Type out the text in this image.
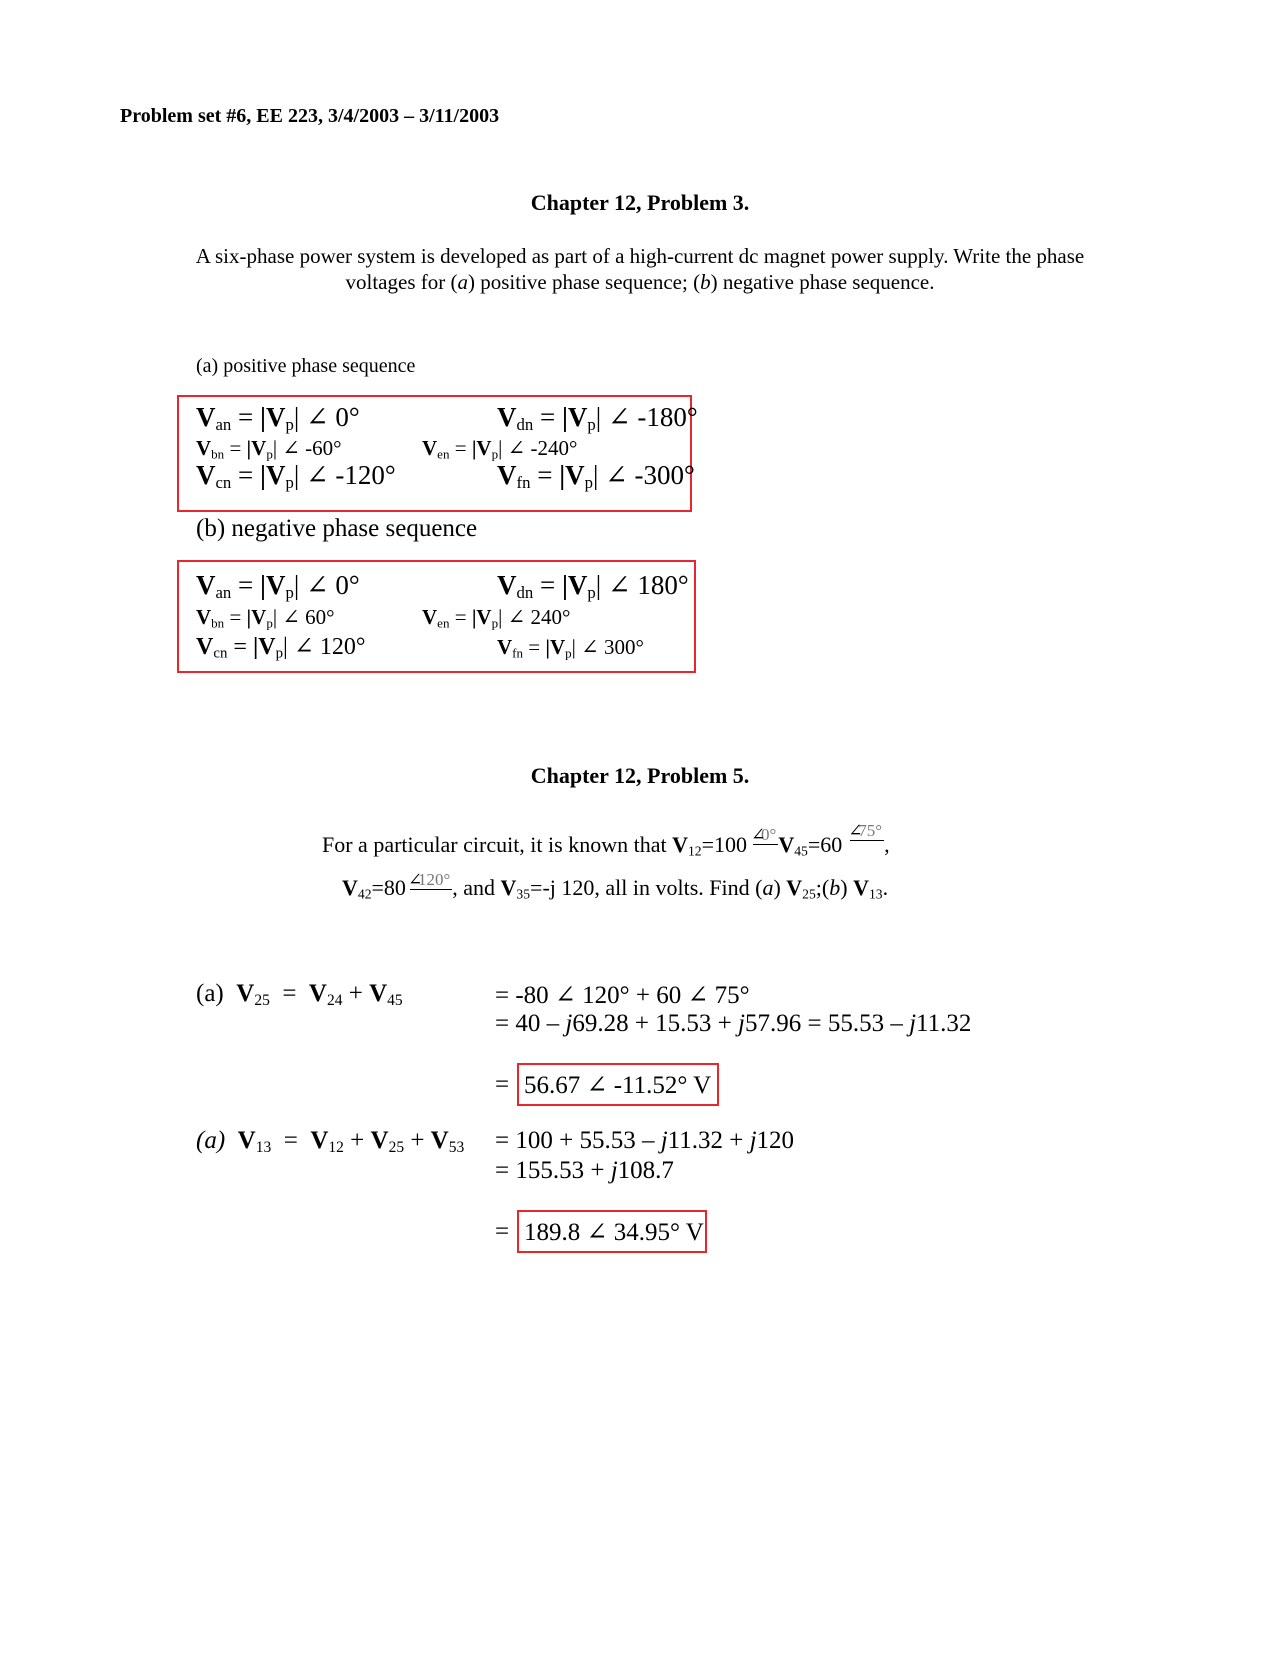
Problem set #6, EE 223, 3/4/2003 – 3/11/2003
Chapter 12, Problem 3.
A six-phase power system is developed as part of a high-current dc magnet power supply. Write the phase
voltages for (a) positive phase sequence; (b) negative phase sequence.
(a) positive phase sequence
$V_{an} = |V_p|$ ∠ 0°
$V_{bn} = |V_p|$ ∠ -60°
$V_{cn} = |V_p|$ ∠ -120°
$V_{dn} = |V_p|$ ∠ -180°
$V_{en} = |V_p|$ ∠ -240°
$V_{fn} = |V_p|$ ∠ -300°
(b) negative phase sequence
$V_{an} = |V_p|$ ∠ 0°
$V_{bn} = |V_p|$ ∠ 60°
$V_{cn} = |V_p|$ ∠ 120°
$V_{dn} = |V_p|$ ∠ 180°
$V_{en} = |V_p|$ ∠ 240°
$V_{fn} = |V_p|$ ∠ 300°
Chapter 12, Problem 5.
For a particular circuit, it is known that $V_{12}=100\angle$ $0^\circ V_{45}=60\angle$ 75°,
$V_{42}=80\angle$ 120°, and $V_{35}=-j$ 120, all in volts. Find (a) $V_{25};(b)$ $V_{13}$.
(a) $V_{25} = V_{24} + V_{45}$	= -80 ∠ 120° + 60 ∠ 75°
= 40 – j69.28 + 15.53 + j57.96 = 55.53 – j11.32
= 56.67 ∠ -11.52° V
(a) $V_{13} = V_{12} + V_{25} + V_{53} = 100 + 55.53 - j11.32 + j120$
= 155.53 + j108.7
= 189.8 ∠ 34.95° V
